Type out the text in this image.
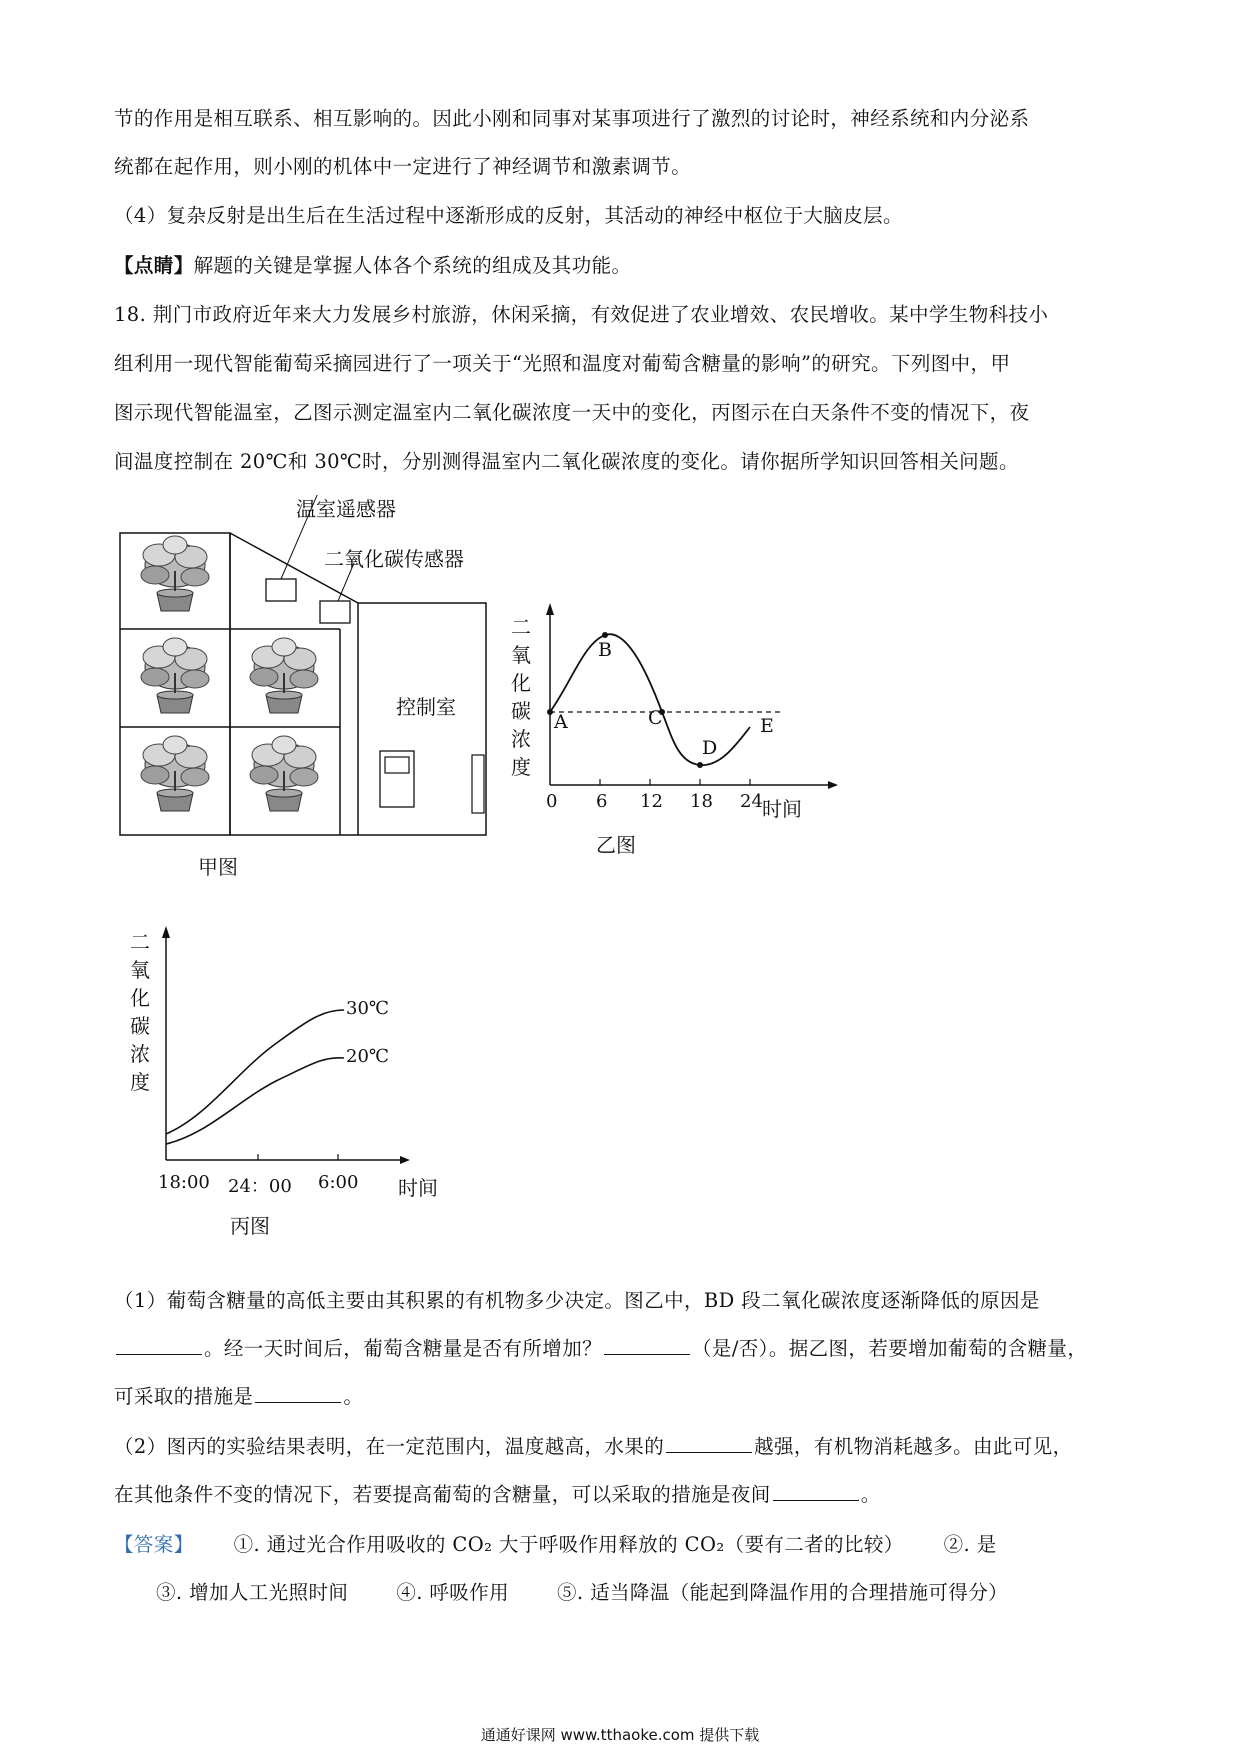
节的作用是相互联系、相互影响的。因此小刚和同事对某事项进行了激烈的讨论时，神经系统和内分泌系
统都在起作用，则小刚的机体中一定进行了神经调节和激素调节。
（4）复杂反射是出生后在生活过程中逐渐形成的反射，其活动的神经中枢位于大脑皮层。
【点睛】解题的关键是掌握人体各个系统的组成及其功能。
18. 荆门市政府近年来大力发展乡村旅游，休闲采摘，有效促进了农业增效、农民增收。某中学生物科技小
组利用一现代智能葡萄采摘园进行了一项关于“光照和温度对葡萄含糖量的影响”的研究。下列图中，甲
图示现代智能温室，乙图示测定温室内二氧化碳浓度一天中的变化，丙图示在白天条件不变的情况下，夜
间温度控制在 20℃和 30℃时，分别测得温室内二氧化碳浓度的变化。请你据所学知识回答相关问题。
温室遥感器
二氧化碳传感器
控制室
甲图
二
氧
化
碳
浓
度
0 6 12 18 24 时间
A
B
C
D
E
乙图
二
氧
化
碳
浓
度
18:00 24：00 6:00 时间
30℃
20℃
丙图
（1）葡萄含糖量的高低主要由其积累的有机物多少决定。图乙中，BD 段二氧化碳浓度逐渐降低的原因是
。经一天时间后，葡萄含糖量是否有所增加？	（是/否）。据乙图，若要增加葡萄的含糖量，
可采取的措施是	。
（2）图丙的实验结果表明，在一定范围内，温度越高，水果的	越强，有机物消耗越多。由此可见，
在其他条件不变的情况下，若要提高葡萄的含糖量，可以采取的措施是夜间	。
【答案】 ①. 通过光合作用吸收的 CO₂ 大于呼吸作用释放的 CO₂（要有二者的比较） ②. 是
③. 增加人工光照时间 ④. 呼吸作用 ⑤. 适当降温（能起到降温作用的合理措施可得分）
通通好课网 www.tthaoke.com 提供下载
